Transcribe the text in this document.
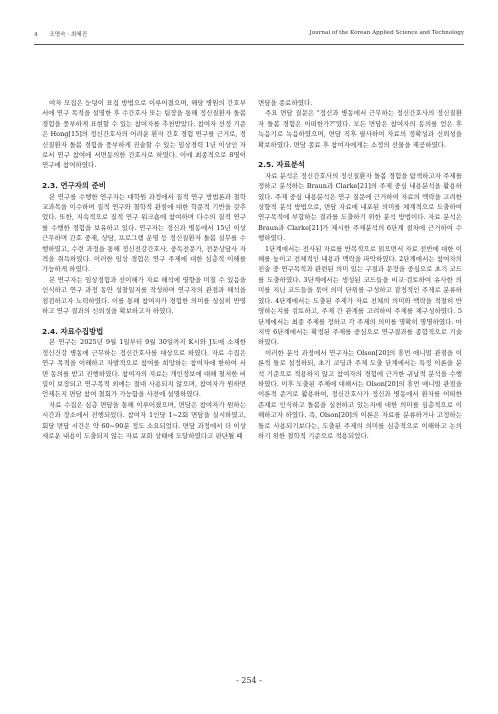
4 조명숙 · 최혜진	Journal of the Korean Applied Science and Technology

여자 모집은 눈덩이 표집 방법으로 이루어졌으며, 해당 병원의 간호부서에 연구 목적을 설명한 후 수간호사 또는 팀장을 통해 정신질환자 돌봄 경험을 풍부하게 표현할 수 있는 참여자를 추천받았다. 참여자 선정 기준은 Hong[15]의 정신간호사의 어려운 환자 간호 경험 연구를 근거로, 정신질환자 돌봄 경험을 풍부하게 진술할 수 있는 임상경력 1년 이상인 자로서 연구 참여에 서면동의한 간호사로 하였다. 이에 최종적으로 8명이 연구에 참여하였다.

2.3. 연구자의 준비

본 연구를 수행한 연구자는 대학원 과정에서 질적 연구 방법론과 철학 교과목을 이수하며 질적 연구와 철학적 관점에 대한 학문적 기반을 갖추었다. 또한, 지속적으로 질적 연구 워크숍에 참여하며 다수의 질적 연구를 수행한 경험을 보유하고 있다. 연구자는 정신과 병동에서 15년 이상 근무하며 간호 중재, 상담, 프로그램 운영 등 정신질환자 돌봄 실무를 수행하였고, 수련 과정을 통해 정신전강간호사, 중독전문가, 전문상담사 자격을 취득하였다. 이러한 임상 경험은 연구 주제에 대한 심층적 이해를 가능하게 하였다.

본 연구자는 임상경험과 선이해가 자료 해석에 영향을 미칠 수 있음을 인식하고 연구 과정 동안 성찰일지를 작성하며 연구자의 관점과 해석을 점검하고자 노력하였다. 이를 통해 참여자가 경험한 의미를 성실히 반영하고 연구 결과의 신뢰성을 확보하고자 하였다.

2.4. 자료수집방법

본 연구는 2025년 9월 1일부터 9월 30일까지 K시와 J도에 소재한 정신건강 병동에 근무하는 정신간호사를 대상으로 하였다. 자료 수집은 연구 목적을 이해하고 자발적으로 참여를 희망하는 참여자에 한하여 서면 동의를 받고 진행하였다. 참여자의 자료는 개인정보에 대해 철저한 비밀이 보장되고 연구목적 외에는 절대 사용되지 않으며, 참여자가 원하면 언제든지 면담 참여 철회가 가능함을 사전에 설명하였다.

자료 수집은 심층 면담을 통해 이루어졌으며, 면담은 참여자가 원하는 시간과 장소에서 진행되었다. 참여자 1인당 1~2회 면담을 실시하였고, 회당 면담 시간은 약 60~90분 정도 소요되었다. 면담 과정에서 더 이상 새로운 내용이 도출되지 않는 자료 포화 상태에 도달하였다고 판단될 때

면담을 종료하였다.

주요 면담 질문은 "정신과 병동에서 근무하는 정신간호사의 정신질환자 돌봄 경험은 어떠한가?"였다. 모든 면담은 참여자의 동의를 얻은 후 녹음기로 녹음하였으며, 면담 직후 필사하여 자료의 정확성과 신뢰성을 확보하였다. 면담 종료 후 참여자에게는 소정의 선물을 제공하였다.

2.5. 자료분석

자료 분석은 정신간호사의 정신질환자 돌봄 경험을 탐색하고자 주제를 정하고 분석하는 Braun과 Clarke[21]의 주제 중심 내용분석을 활용하였다. 주제 중심 내용분석은 연구 질문에 근거하여 자료의 맥락을 고려한 상향적 분석 방법으로, 면담 자료에 내포된 의미를 체계적으로 도출하여 연구목적에 부합하는 결과를 도출하기 위한 분석 방법이다. 자료 분석은 Braun과 Clarke[21]가 제시한 주제분석의 6단계 절차에 근거하여 수행하였다.

1단계에서는 전사된 자료를 반복적으로 읽으면서 자료 전반에 대한 이해를 높이고 전체적인 내용과 맥락을 파악하였다. 2단계에서는 참여자의 진술 중 연구목적과 관련된 의미 있는 구절과 문장을 중심으로 초기 코드를 도출하였다. 3단계에서는 생성된 코드들을 비교·검토하여 유사한 의미를 지닌 코드들을 묶어 의미 단위를 구성하고 잠정적인 주제로 분류하였다. 4단계에서는 도출된 주제가 자료 전체의 의미와 맥락을 적절히 반영하는지를 검토하고, 주제 간 관계를 고려하여 주제를 재구성하였다. 5단계에서는 최종 주제를 정하고 각 주제의 의미를 명확히 명명하였다. 마지막 6단계에서는 확정된 주제를 중심으로 연구결과를 종합적으로 기술하였다.

이러한 분석 과정에서 연구자는 Olson[20]의 휴먼 애니멀 관점을 이론적 틀로 설정하되, 초기 코딩과 주제 도출 단계에서는 특정 이론을 분석 기준으로 적용하지 않고 참여자의 경험에 근거한 귀납적 분석을 수행하였다. 이후 도출된 주제에 대해서는 Olson[20]의 휴먼 애니멀 관점을 이론적 준거로 활용하여, 정신간호사가 정신과 병동에서 환자를 어떠한 존재로 인식하고 돌봄을 실천하고 있는지에 대한 의미를 심층적으로 이해하고자 하였다. 즉, Olson[20]의 이론은 자료를 분류하거나 고정하는 틀로 사용되기보다는, 도출된 주제의 의미를 심층적으로 이해하고 논의하기 위한 철학적 기준으로 적용되었다.

- 254 -
